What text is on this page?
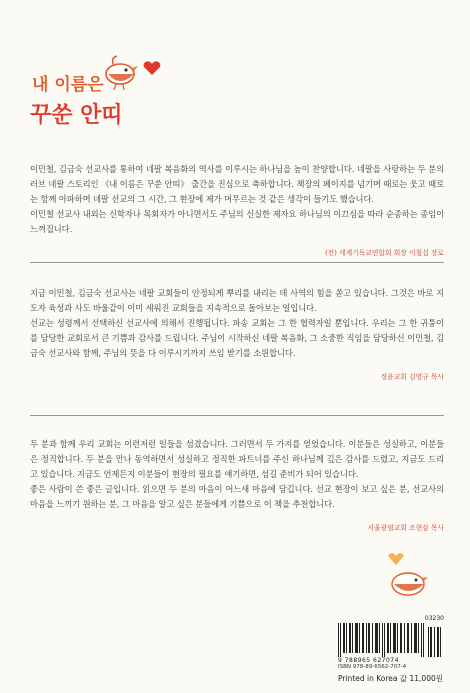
내 이름은
꾸쑨 안띠

이민철, 김금숙 선교사를 통하여 네팔 복음화의 역사를 이루시는 하나님을 높이 찬양합니다. 네팔을 사랑하는 두 분의 러브 네팔 스토리인 《내 이름은 꾸쑨 안띠》 출간을 진심으로 축하합니다. 책장의 페이지를 넘기며 때로는 웃고 때로는 함께 아파하며 네팔 선교의 그 시간, 그 현장에 제가 머무르는 것 같은 생각이 들기도 했습니다.

이민철 선교사 내외는 신학자나 목회자가 아니면서도 주님의 신실한 제자요 하나님의 이끄심을 따라 순종하는 종임이 느껴집니다.

(전) 세계기독교연합회 회장 이철섭 장로

지금 이민철, 김금숙 선교사는 네팔 교회들이 안정되게 뿌리를 내리는 데 사역의 힘을 쏟고 있습니다. 그것은 바로 지도자 육성과 사도 바울같이 이미 세워진 교회들을 지속적으로 돌아보는 일입니다.

선교는 성령께서 선택하신 선교사에 의해서 진행됩니다. 파송 교회는 그 한 협력자일 뿐입니다. 우리는 그 한 귀퉁이를 담당한 교회로서 큰 기쁨과 감사를 드립니다. 주님이 시작하신 네팔 복음화, 그 소중한 직임을 담당하신 이민철, 김금숙 선교사와 함께, 주님의 뜻을 다 이루시기까지 쓰임 받기를 소원합니다.

정윤교회 김영규 목사

두 분과 함께 우리 교회는 이런저런 일들을 섬겼습니다. 그러면서 두 가지를 얻었습니다. 이분들은 성실하고, 이분들은 정직합니다. 두 분을 만나 동역하면서 성실하고 정직한 파트너를 주신 하나님께 깊은 감사를 드렸고, 지금도 드리고 있습니다. 지금도 언제든지 이분들이 현장의 필요를 얘기하면, 섬길 준비가 되어 있습니다.

좋은 사람이 쓴 좋은 글입니다. 읽으면 두 분의 마음이 어느새 마음에 담깁니다. 선교 현장이 보고 싶은 분, 선교사의 마음을 느끼기 원하는 분, 그 마음을 알고 싶은 분들에게 기쁨으로 이 책을 추천합니다.

서울광염교회 조현삼 목사
03230
9 788965 627074
ISBN 978-89-6562-707-4
Printed in Korea 값 11,000원
